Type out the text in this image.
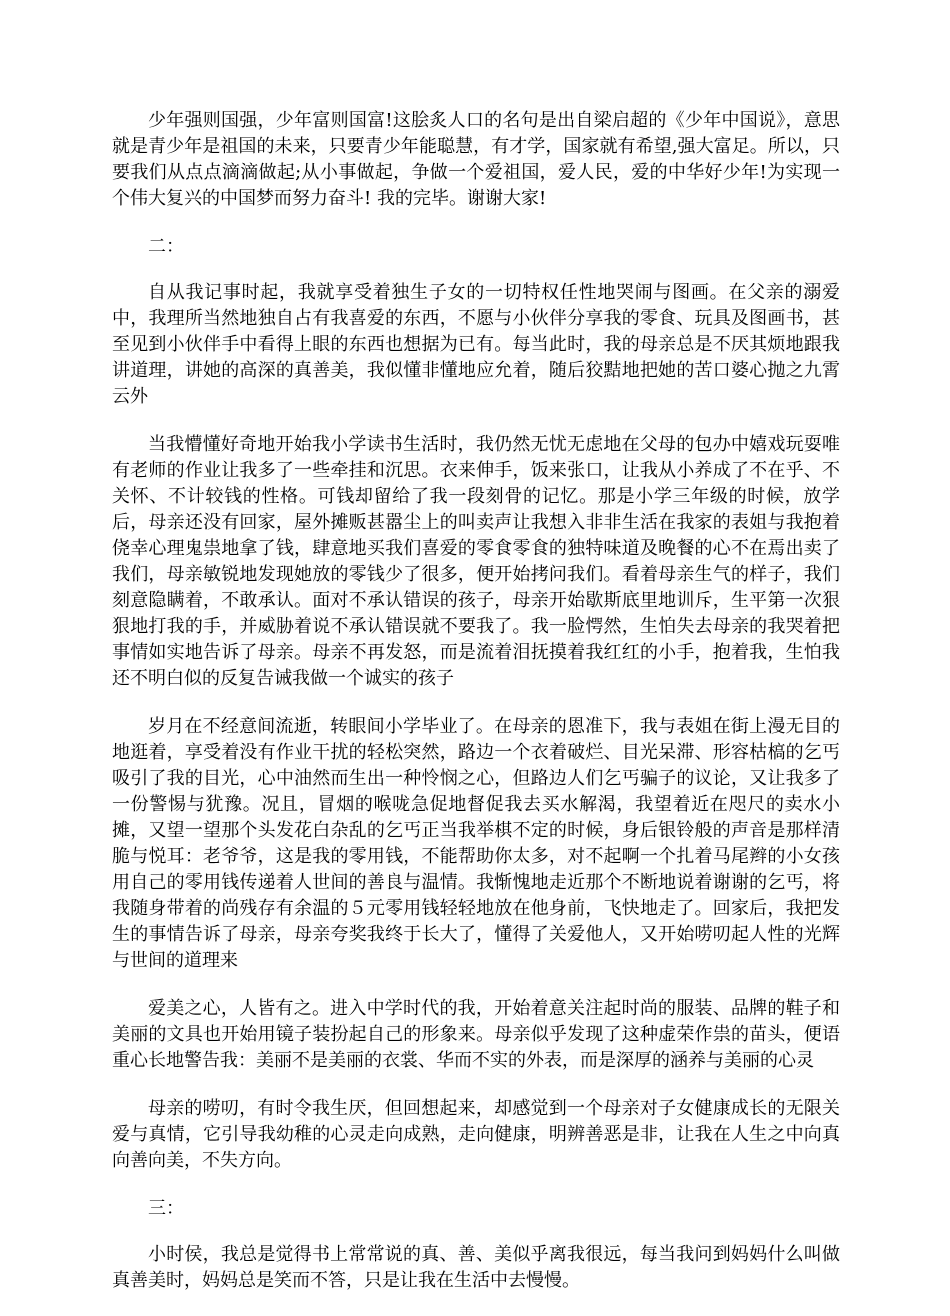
少年强则国强，少年富则国富!这脍炙人口的名句是出自梁启超的《少年中国说》，意思就是青少年是祖国的未来，只要青少年能聪慧，有才学，国家就有希望,强大富足。所以，只要我们从点点滴滴做起;从小事做起，争做一个爱祖国，爱人民，爱的中华好少年!为实现一个伟大复兴的中国梦而努力奋斗! 我的完毕。谢谢大家!

二：

自从我记事时起，我就享受着独生子女的一切特权任性地哭闹与图画。在父亲的溺爱中，我理所当然地独自占有我喜爱的东西，不愿与小伙伴分享我的零食、玩具及图画书，甚至见到小伙伴手中看得上眼的东西也想据为已有。每当此时，我的母亲总是不厌其烦地跟我讲道理，讲她的高深的真善美，我似懂非懂地应允着，随后狡黠地把她的苦口婆心抛之九霄云外

当我懵懂好奇地开始我小学读书生活时，我仍然无忧无虑地在父母的包办中嬉戏玩耍唯有老师的作业让我多了一些牵挂和沉思。衣来伸手，饭来张口，让我从小养成了不在乎、不关怀、不计较钱的性格。可钱却留给了我一段刻骨的记忆。那是小学三年级的时候，放学后，母亲还没有回家，屋外摊贩甚嚣尘上的叫卖声让我想入非非生活在我家的表姐与我抱着侥幸心理鬼祟地拿了钱，肆意地买我们喜爱的零食零食的独特味道及晚餐的心不在焉出卖了我们，母亲敏锐地发现她放的零钱少了很多，便开始拷问我们。看着母亲生气的样子，我们刻意隐瞒着，不敢承认。面对不承认错误的孩子，母亲开始歇斯底里地训斥，生平第一次狠狠地打我的手，并威胁着说不承认错误就不要我了。我一脸愕然，生怕失去母亲的我哭着把事情如实地告诉了母亲。母亲不再发怒，而是流着泪抚摸着我红红的小手，抱着我，生怕我还不明白似的反复告诫我做一个诚实的孩子

岁月在不经意间流逝，转眼间小学毕业了。在母亲的恩准下，我与表姐在街上漫无目的地逛着，享受着没有作业干扰的轻松突然，路边一个衣着破烂、目光呆滞、形容枯槁的乞丐吸引了我的目光，心中油然而生出一种怜悯之心，但路边人们乞丐骗子的议论，又让我多了一份警惕与犹豫。况且，冒烟的喉咙急促地督促我去买水解渴，我望着近在咫尺的卖水小摊，又望一望那个头发花白杂乱的乞丐正当我举棋不定的时候，身后银铃般的声音是那样清脆与悦耳：老爷爷，这是我的零用钱，不能帮助你太多，对不起啊一个扎着马尾辫的小女孩用自己的零用钱传递着人世间的善良与温情。我惭愧地走近那个不断地说着谢谢的乞丐，将我随身带着的尚残存有余温的５元零用钱轻轻地放在他身前，飞快地走了。回家后，我把发生的事情告诉了母亲，母亲夸奖我终于长大了，懂得了关爱他人，又开始唠叨起人性的光辉与世间的道理来

爱美之心，人皆有之。进入中学时代的我，开始着意关注起时尚的服装、品牌的鞋子和美丽的文具也开始用镜子装扮起自己的形象来。母亲似乎发现了这种虚荣作祟的苗头，便语重心长地警告我：美丽不是美丽的衣裳、华而不实的外表，而是深厚的涵养与美丽的心灵

母亲的唠叨，有时令我生厌，但回想起来，却感觉到一个母亲对子女健康成长的无限关爱与真情，它引导我幼稚的心灵走向成熟，走向健康，明辨善恶是非，让我在人生之中向真向善向美，不失方向。

三：

小时侯，我总是觉得书上常常说的真、善、美似乎离我很远，每当我问到妈妈什么叫做真善美时，妈妈总是笑而不答，只是让我在生活中去慢慢。
